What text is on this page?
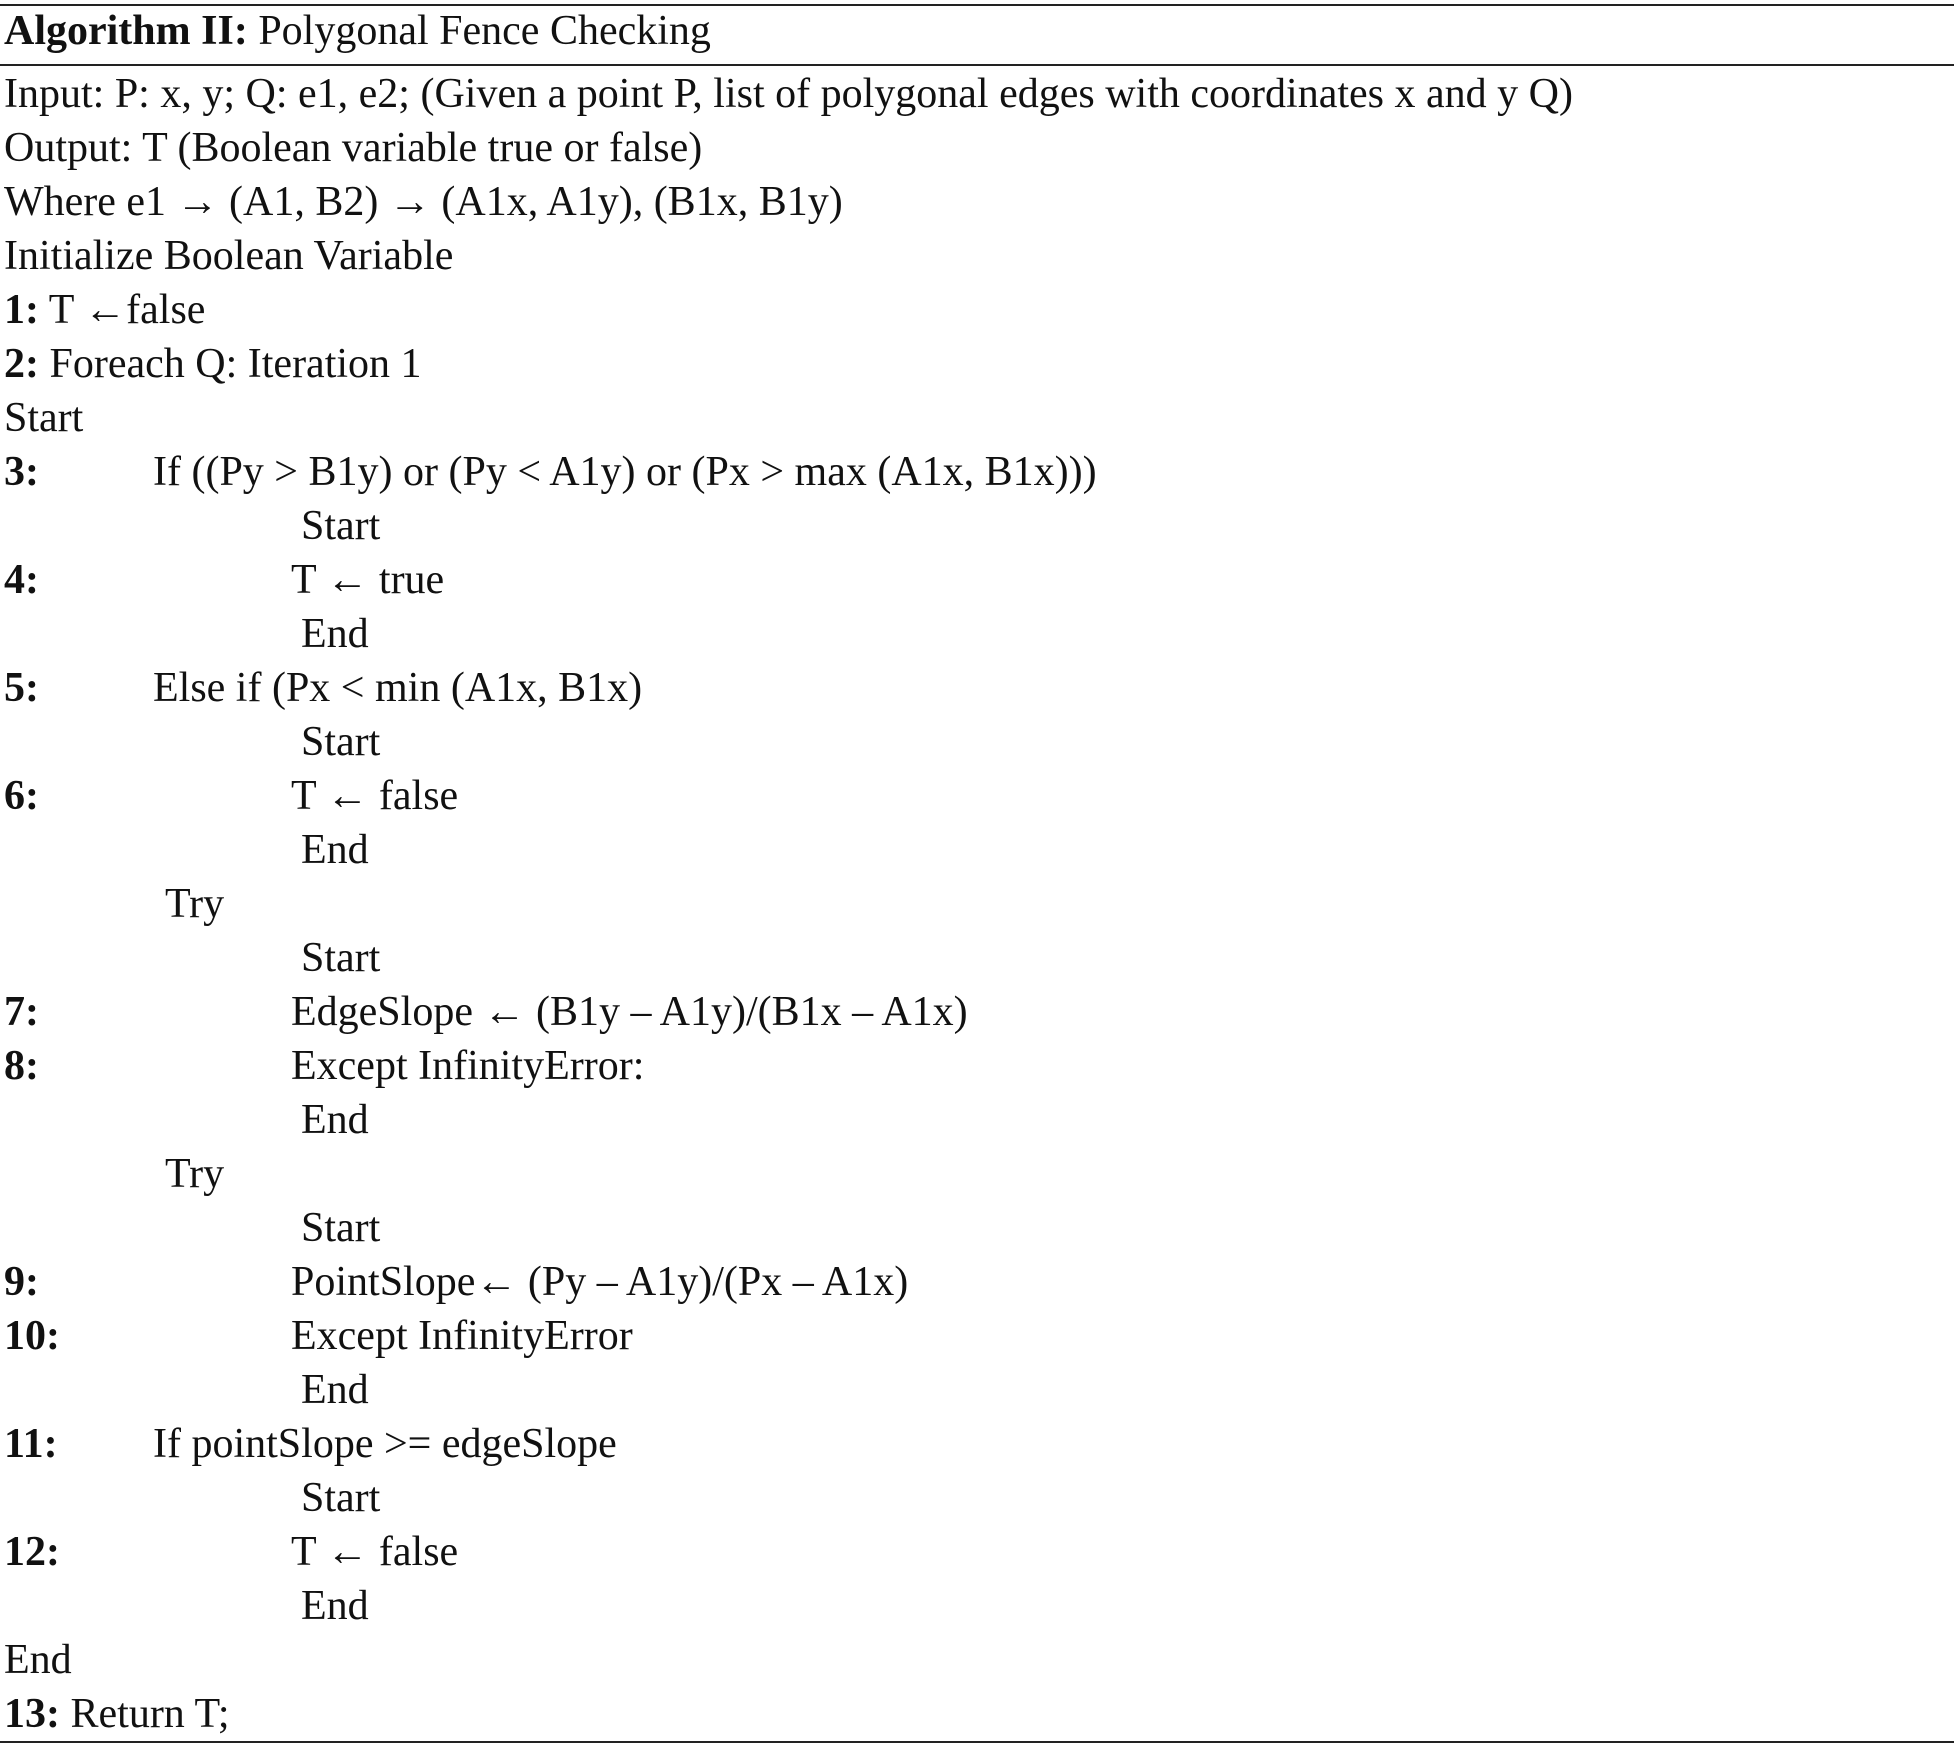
Algorithm II: Polygonal Fence Checking
Input: P: x, y; Q: e1, e2; (Given a point P, list of polygonal edges with coordinates x and y Q)
Output: T (Boolean variable true or false)
Where e1 → (A1, B2) → (A1x, A1y), (B1x, B1y)
Initialize Boolean Variable
1: T ←false
2: Foreach Q: Iteration 1
Start
3:	If ((Py > B1y) or (Py < A1y) or (Px > max (A1x, B1x)))
Start
4:	T ← true
End
5:	Else if (Px < min (A1x, B1x)
Start
6:	T ← false
End
Try
Start
7:	EdgeSlope ← (B1y – A1y)/(B1x – A1x)
8:	Except InfinityError:
End
Try
Start
9:	PointSlope← (Py – A1y)/(Px – A1x)
10:	Except InfinityError
End
11: If pointSlope >= edgeSlope
Start
12:	T ← false
End
End
13: Return T;
